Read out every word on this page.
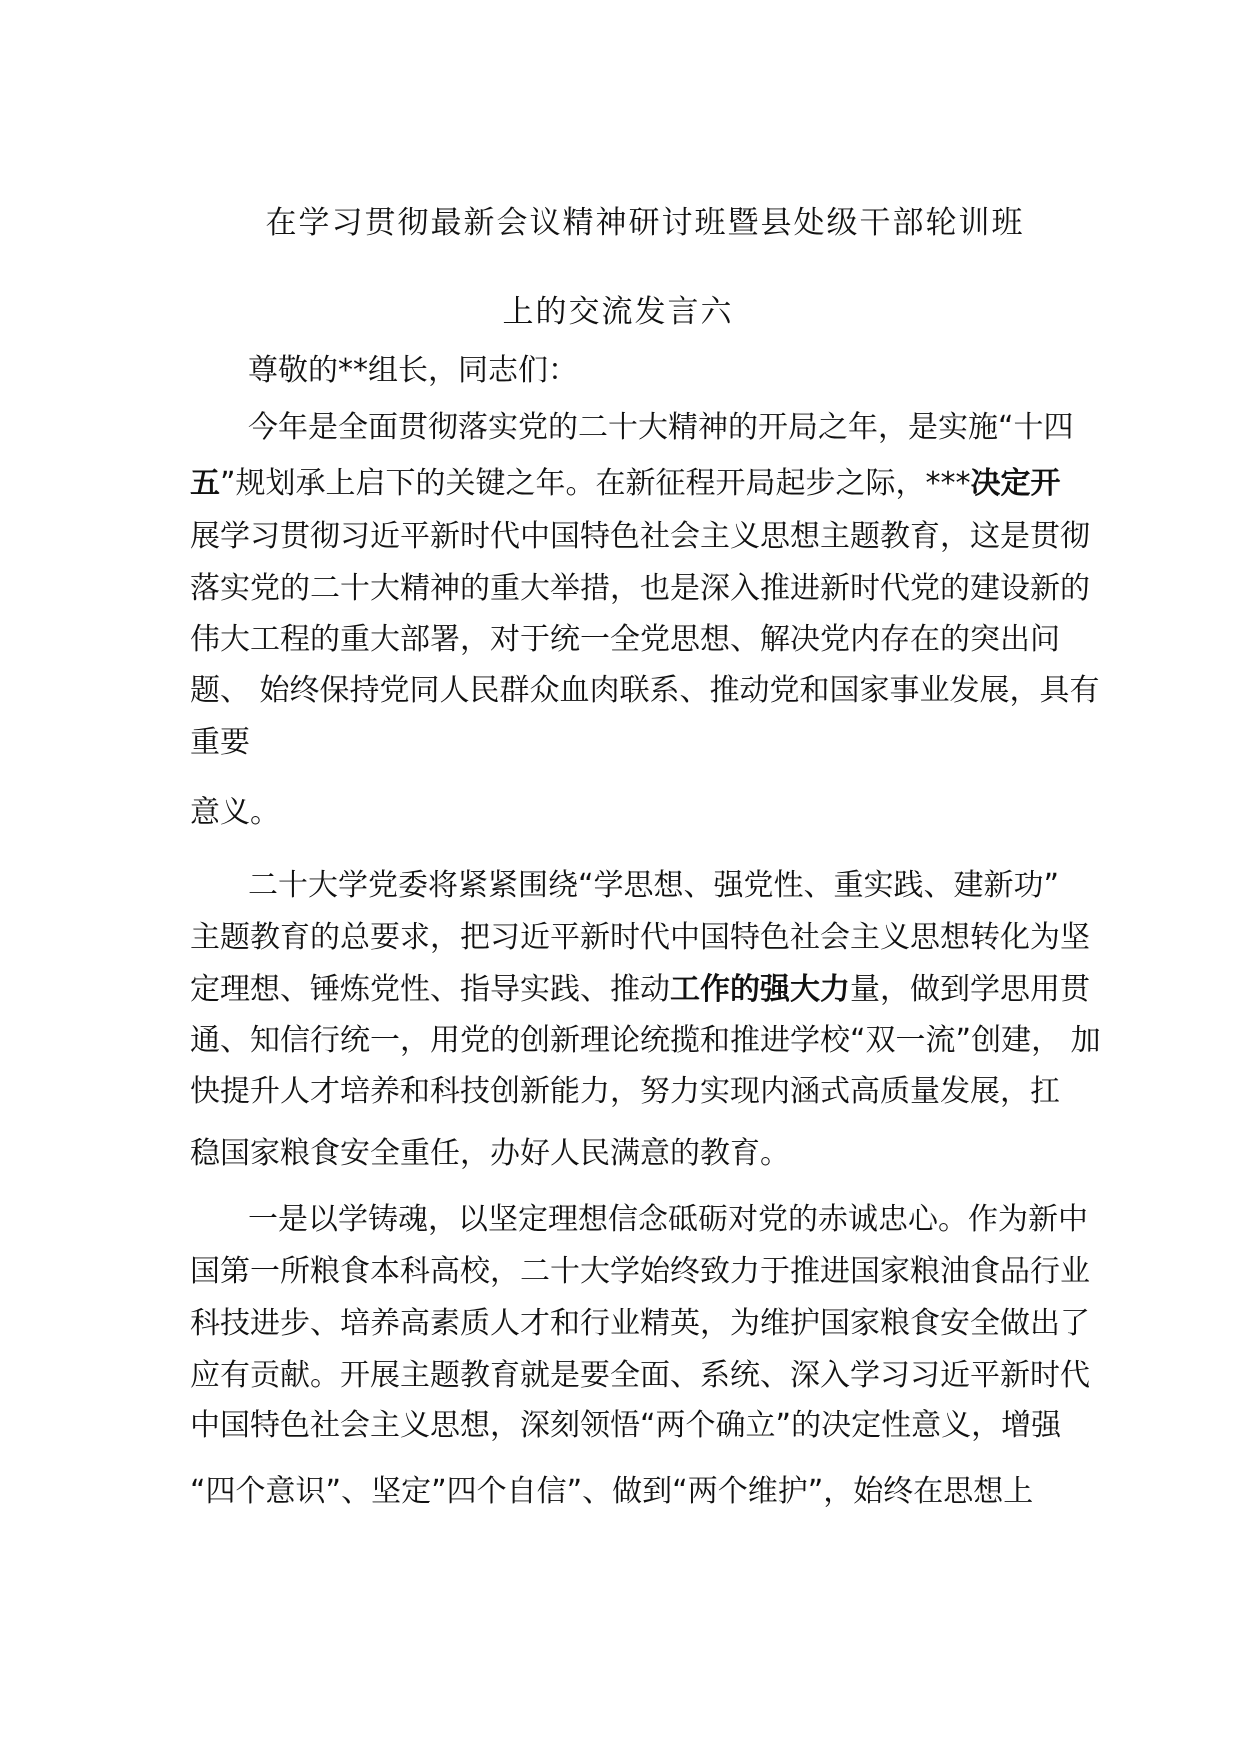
在学习贯彻最新会议精神研讨班暨县处级干部轮训班
上的交流发言六
尊敬的**组长，同志们：
今年是全面贯彻落实党的二十大精神的开局之年，是实施“十四
五”规划承上启下的关键之年。在新征程开局起步之际，***决定开
展学习贯彻习近平新时代中国特色社会主义思想主题教育，这是贯彻
落实党的二十大精神的重大举措，也是深入推进新时代党的建设新的
伟大工程的重大部署，对于统一全党思想、解决党内存在的突出问
题、 始终保持党同人民群众血肉联系、推动党和国家事业发展，具有
重要
意义。
二十大学党委将紧紧围绕“学思想、强党性、重实践、建新功”
主题教育的总要求，把习近平新时代中国特色社会主义思想转化为坚
定理想、锤炼党性、指导实践、推动工作的强大力量，做到学思用贯
通、知信行统一，用党的创新理论统揽和推进学校“双一流”创建， 加
快提升人才培养和科技创新能力，努力实现内涵式高质量发展，扛
稳国家粮食安全重任，办好人民满意的教育。
一是以学铸魂，以坚定理想信念砥砺对党的赤诚忠心。作为新中
国第一所粮食本科高校，二十大学始终致力于推进国家粮油食品行业
科技进步、培养高素质人才和行业精英，为维护国家粮食安全做出了
应有贡献。开展主题教育就是要全面、系统、深入学习习近平新时代
中国特色社会主义思想，深刻领悟“两个确立”的决定性意义，增强
“四个意识”、坚定”四个自信”、做到“两个维护”，始终在思想上
